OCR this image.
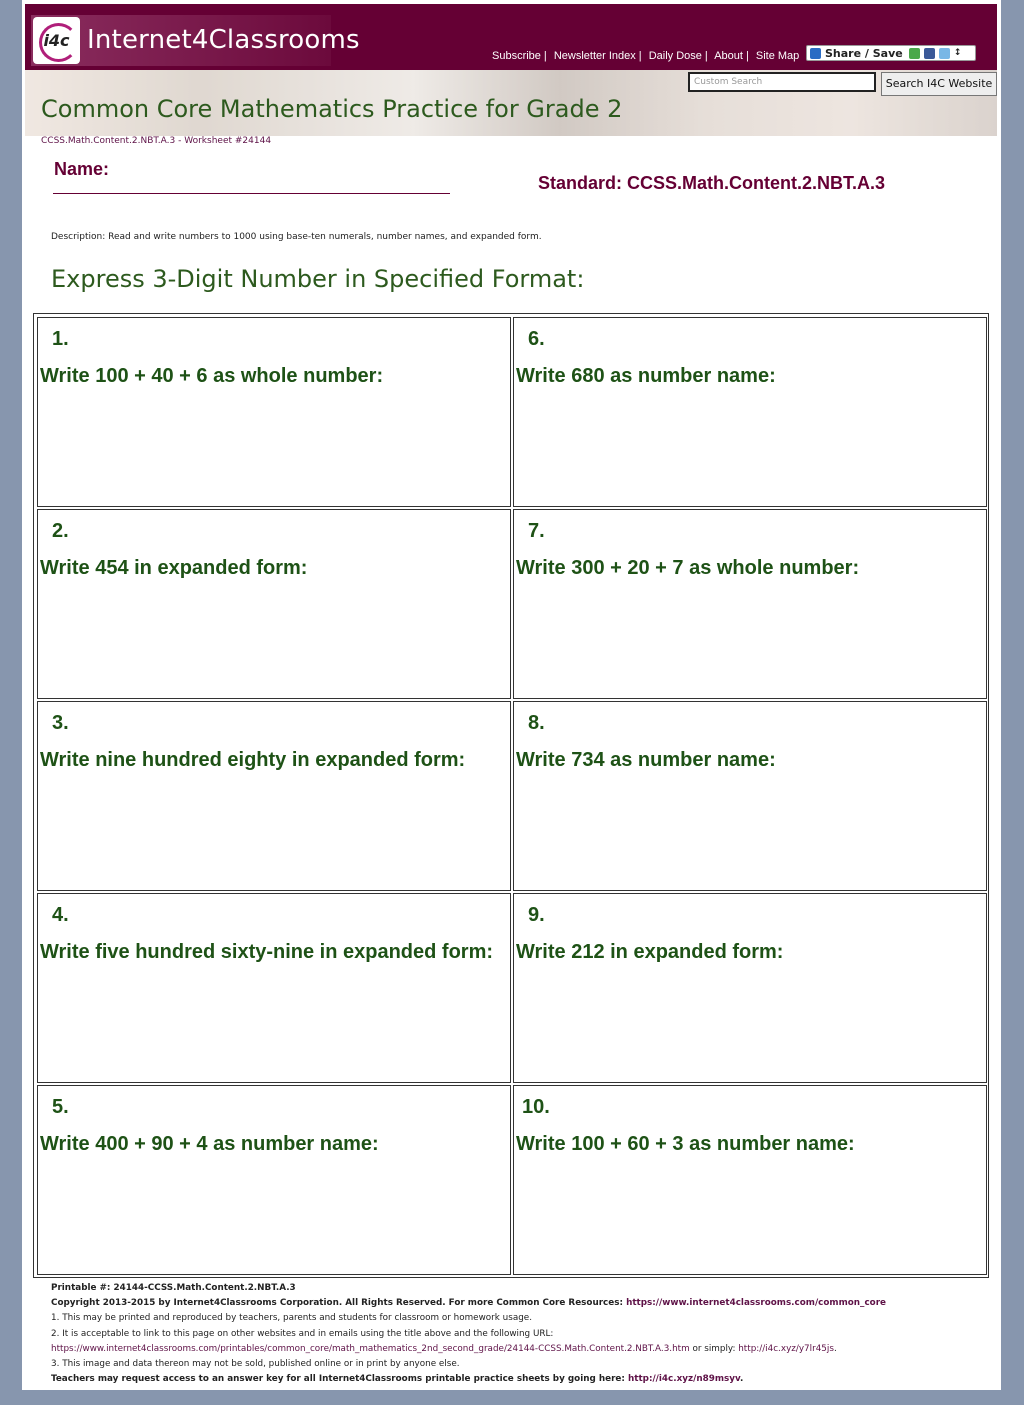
i4c Internet4Classrooms
Subscribe | Newsletter Index | Daily Dose | About | Site Map Share / Save	↕
Custom Search	Search I4C Website
Common Core Mathematics Practice for Grade 2
CCSS.Math.Content.2.NBT.A.3 - Worksheet #24144
Name:
Standard: CCSS.Math.Content.2.NBT.A.3
Description: Read and write numbers to 1000 using base-ten numerals, number names, and expanded form.
Express 3-Digit Number in Specified Format:
1.
Write 100 + 40 + 6 as whole number:
6.
Write 680 as number name:
2.
Write 454 in expanded form:
7.
Write 300 + 20 + 7 as whole number:
3.
Write nine hundred eighty in expanded form:
8.
Write 734 as number name:
4.
Write five hundred sixty-nine in expanded form:
9.
Write 212 in expanded form:
5.
Write 400 + 90 + 4 as number name:
10.
Write 100 + 60 + 3 as number name:
Printable #: 24144-CCSS.Math.Content.2.NBT.A.3
Copyright 2013-2015 by Internet4Classrooms Corporation. All Rights Reserved. For more Common Core Resources: https://www.internet4classrooms.com/common_core
1. This may be printed and reproduced by teachers, parents and students for classroom or homework usage.
2. It is acceptable to link to this page on other websites and in emails using the title above and the following URL:
https://www.internet4classrooms.com/printables/common_core/math_mathematics_2nd_second_grade/24144-CCSS.Math.Content.2.NBT.A.3.htm or simply: http://i4c.xyz/y7lr45js.
3. This image and data thereon may not be sold, published online or in print by anyone else.
Teachers may request access to an answer key for all Internet4Classrooms printable practice sheets by going here: http://i4c.xyz/n89msyv.
